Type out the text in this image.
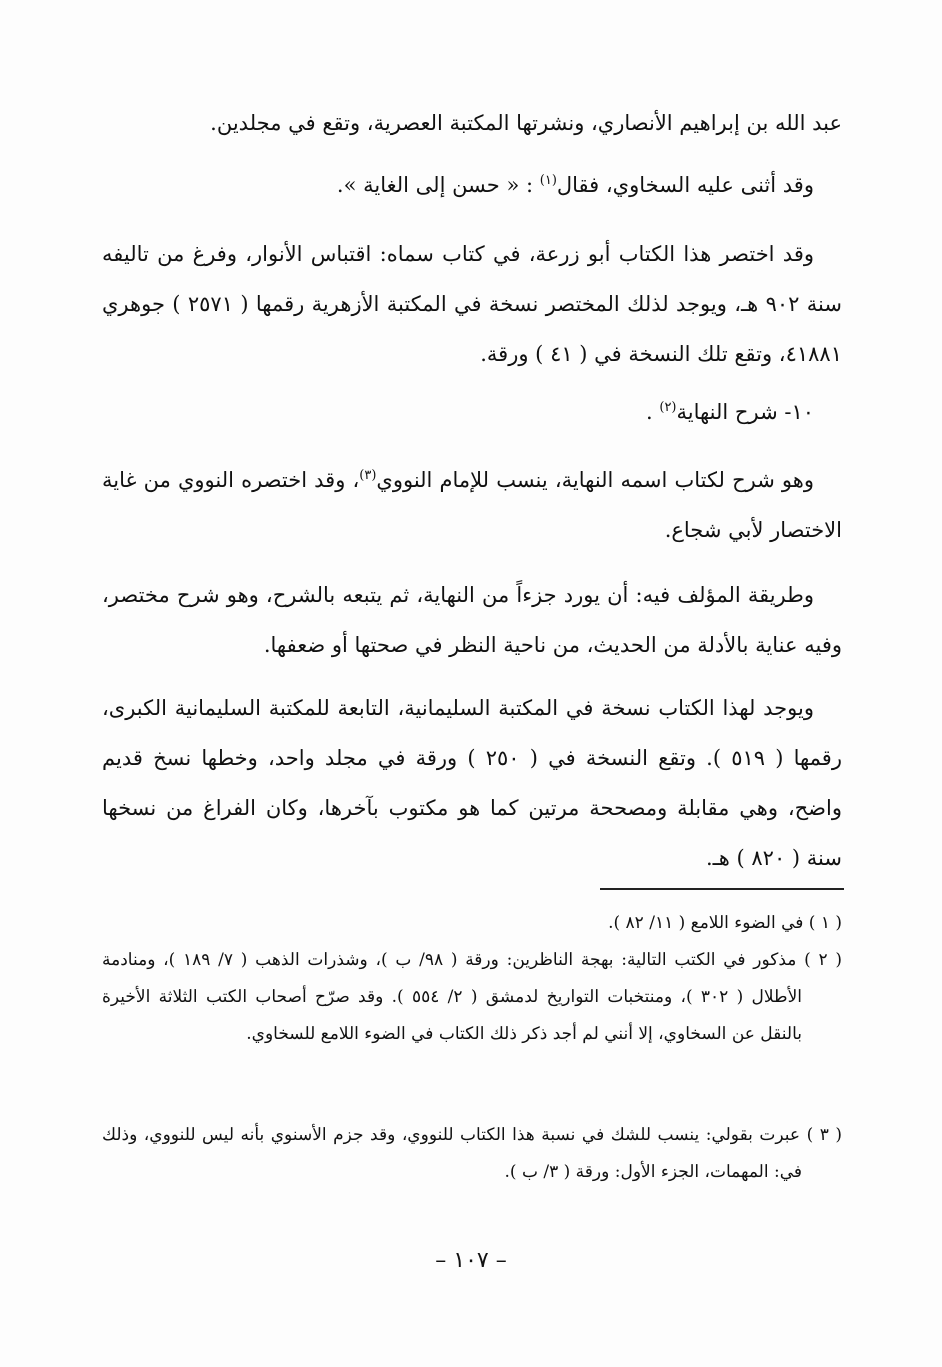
عبد الله بن إبراهيم الأنصاري، ونشرتها المكتبة العصرية، وتقع في مجلدين.

وقد أثنى عليه السخاوي، فقال$^{(١)}$ : « حسن إلى الغاية ».

وقد اختصر هذا الكتاب أبو زرعة، في كتاب سماه: اقتباس الأنوار، وفرغ من تاليفه سنة ٩٠٢ هـ، ويوجد لذلك المختصر نسخة في المكتبة الأزهرية رقمها ( ٢٥٧١ ) جوهري ٤١٨٨١، وتقع تلك النسخة في ( ٤١ ) ورقة.

١٠- شرح النهاية$^{(٢)}$ .

وهو شرح لكتاب اسمه النهاية، ينسب للإمام النووي$^{(٣)}$، وقد اختصره النووي من غاية الاختصار لأبي شجاع.

وطريقة المؤلف فيه: أن يورد جزءاً من النهاية، ثم يتبعه بالشرح، وهو شرح مختصر، وفيه عناية بالأدلة من الحديث، من ناحية النظر في صحتها أو ضعفها.

ويوجد لهذا الكتاب نسخة في المكتبة السليمانية، التابعة للمكتبة السليمانية الكبرى، رقمها ( ٥١٩ ). وتقع النسخة في ( ٢٥٠ ) ورقة في مجلد واحد، وخطها نسخ قديم واضح، وهي مقابلة ومصححة مرتين كما هو مكتوب بآخرها، وكان الفراغ من نسخها سنة ( ٨٢٠ ) هـ.

( ١ ) في الضوء اللامع ( ١١/ ٨٢ ).

( ٢ ) مذكور في الكتب التالية: بهجة الناظرين: ورقة ( ٩٨/ ب )، وشذرات الذهب ( ٧/ ١٨٩ )، ومنادمة الأطلال ( ٣٠٢ )، ومنتخبات التواريخ لدمشق ( ٢/ ٥٥٤ ). وقد صرّح أصحاب الكتب الثلاثة الأخيرة بالنقل عن السخاوي، إلا أنني لم أجد ذكر ذلك الكتاب في الضوء اللامع للسخاوي.

( ٣ ) عبرت بقولي: ينسب للشك في نسبة هذا الكتاب للنووي، وقد جزم الأسنوي بأنه ليس للنووي، وذلك في: المهمات، الجزء الأول: ورقة ( ٣/ ب ).

– ١٠٧ –
